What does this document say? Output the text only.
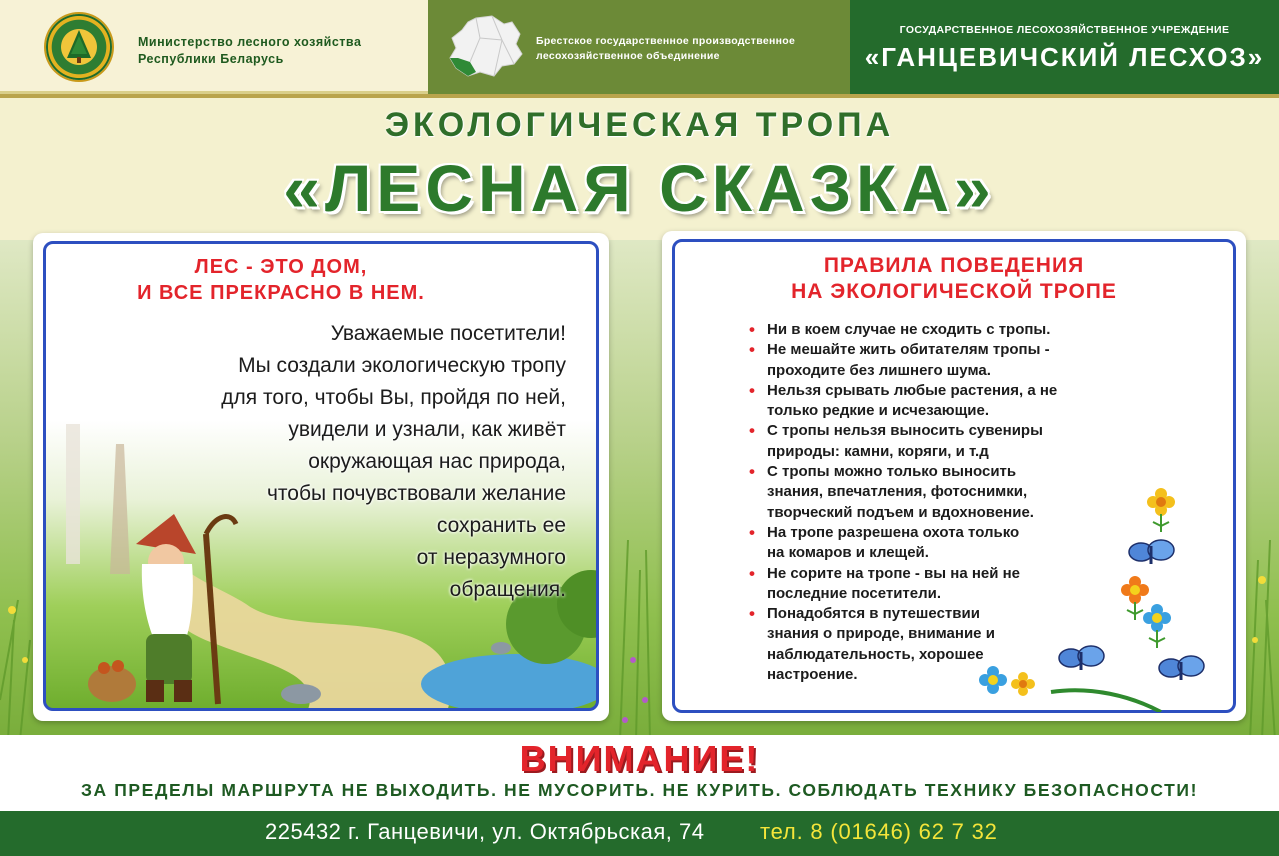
Министерство лесного хозяйства
Республики Беларусь
Брестское государственное производственное
лесохозяйственное объединение
ГОСУДАРСТВЕННОЕ ЛЕСОХОЗЯЙСТВЕННОЕ УЧРЕЖДЕНИЕ
«ГАНЦЕВИЧСКИЙ ЛЕСХОЗ»
ЭКОЛОГИЧЕСКАЯ ТРОПА
«ЛЕСНАЯ СКАЗКА»
ЛЕС - ЭТО ДОМ,
И ВСЕ ПРЕКРАСНО В НЕМ.
Уважаемые посетители!
Мы создали экологическую тропу
для того, чтобы Вы, пройдя по ней,
увидели и узнали, как живёт
окружающая нас природа,
чтобы почувствовали желание
сохранить ее
от неразумного
обращения.
ПРАВИЛА ПОВЕДЕНИЯ
НА ЭКОЛОГИЧЕСКОЙ ТРОПЕ
• Ни в коем случае не сходить с тропы.
• Не мешайте жить обитателям тропы -
проходите без лишнего шума.
• Нельзя срывать любые растения, а не
только редкие и исчезающие.
• С тропы нельзя выносить сувениры
природы: камни, коряги, и т.д
• С тропы можно только выносить
знания, впечатления, фотоснимки,
творческий подъем и вдохновение.
• На тропе разрешена охота только
на комаров и клещей.
• Не сорите на тропе - вы на ней не
последние посетители.
• Понадобятся в путешествии
знания о природе, внимание и
наблюдательность, хорошее
настроение.
ВНИМАНИЕ!
ЗА ПРЕДЕЛЫ МАРШРУТА НЕ ВЫХОДИТЬ. НЕ МУСОРИТЬ. НЕ КУРИТЬ. СОБЛЮДАТЬ ТЕХНИКУ БЕЗОПАСНОСТИ!
225432 г. Ганцевичи, ул. Октябрьская, 74	тел. 8 (01646) 62 7 32
